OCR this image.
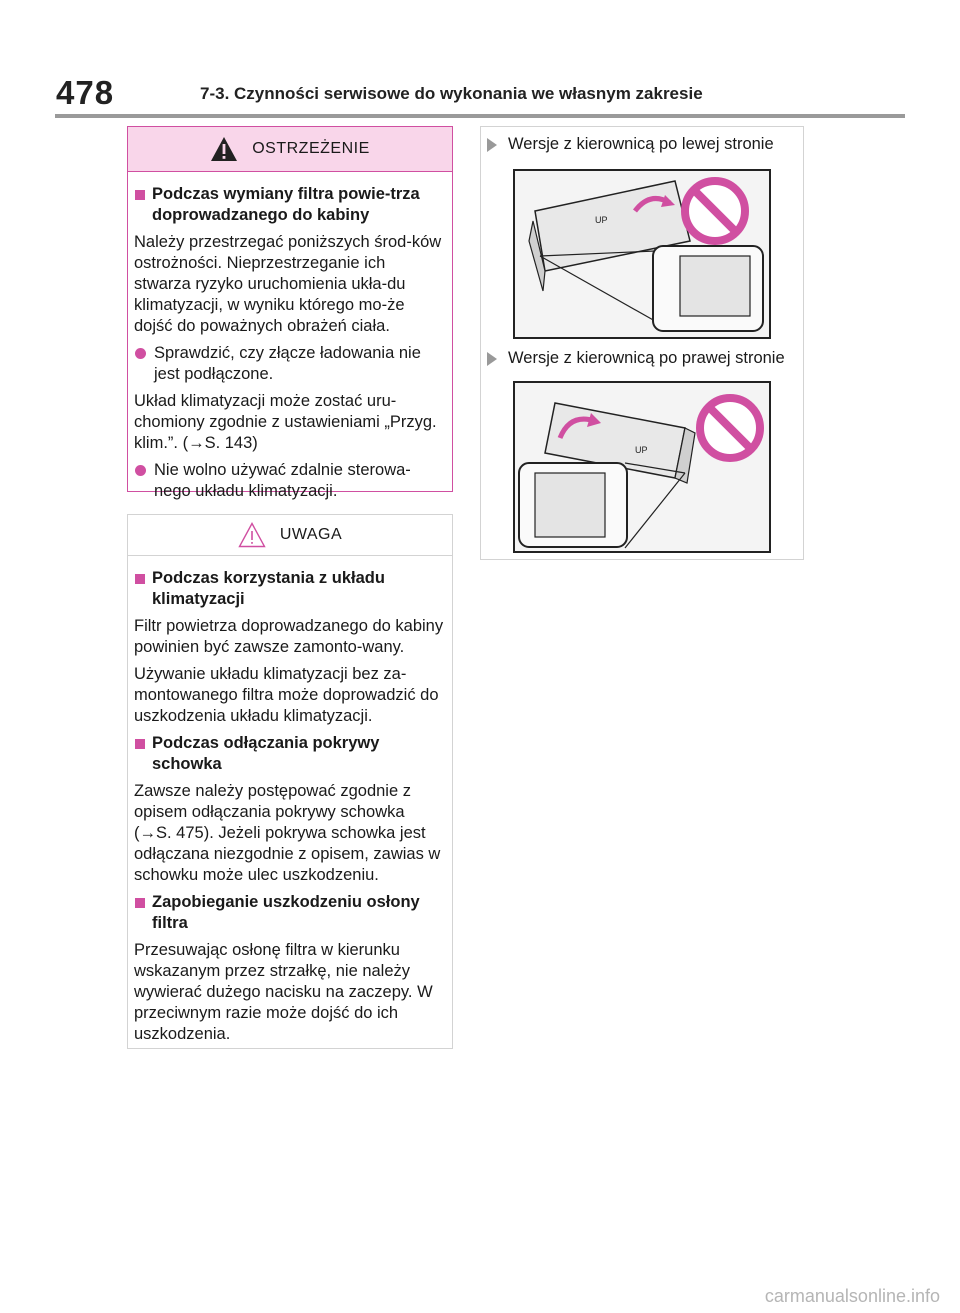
478	7-3. Czynności serwisowe do wykonania we własnym zakresie
OSTRZEŻENIE
Podczas wymiany filtra powie-trza doprowadzanego do kabiny

Należy przestrzegać poniższych środ-ków ostrożności. Nieprzestrzeganie ich stwarza ryzyko uruchomienia ukła-du klimatyzacji, w wyniku którego mo-że dojść do poważnych obrażeń ciała.

Sprawdzić, czy złącze ładowania nie jest podłączone.

Układ klimatyzacji może zostać uru-chomiony zgodnie z ustawieniami „Przyg. klim.”. (→S. 143)

Nie wolno używać zdalnie sterowa-nego układu klimatyzacji.
UWAGA
Podczas korzystania z układu klimatyzacji

Filtr powietrza doprowadzanego do kabiny powinien być zawsze zamonto-wany.

Używanie układu klimatyzacji bez za-montowanego filtra może doprowadzić do uszkodzenia układu klimatyzacji.

Podczas odłączania pokrywy schowka

Zawsze należy postępować zgodnie z opisem odłączania pokrywy schowka (→S. 475). Jeżeli pokrywa schowka jest odłączana niezgodnie z opisem, zawias w schowku może ulec uszkodzeniu.

Zapobieganie uszkodzeniu osłony filtra

Przesuwając osłonę filtra w kierunku wskazanym przez strzałkę, nie należy wywierać dużego nacisku na zaczepy. W przeciwnym razie może dojść do ich uszkodzenia.

Wersje z kierownicą po lewej stronie
UP
Wersje z kierownicą po prawej stronie
UP
carmanualsonline.info
